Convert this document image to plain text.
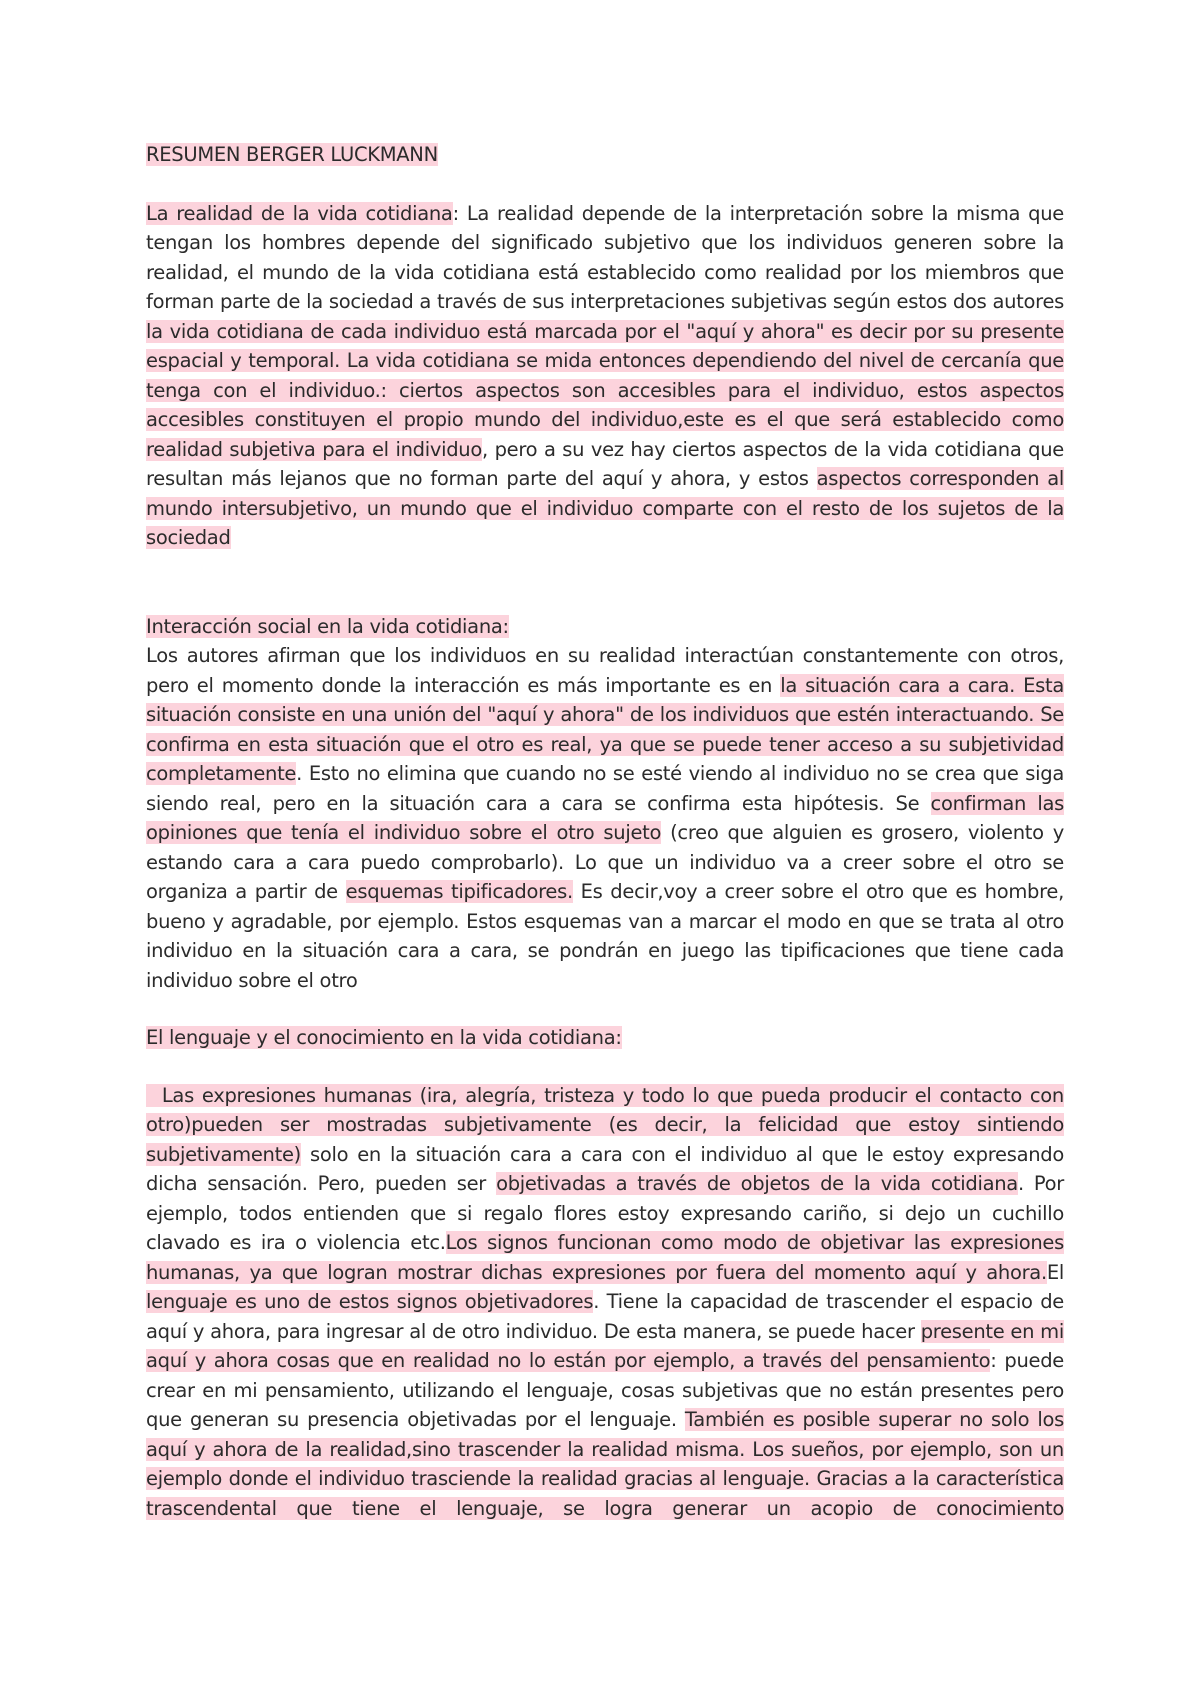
RESUMEN BERGER LUCKMANN

La realidad de la vida cotidiana: La realidad depende de la interpretación sobre la misma que tengan los hombres depende del significado subjetivo que los individuos generen sobre la realidad, el mundo de la vida cotidiana está establecido como realidad por los miembros que forman parte de la sociedad a través de sus interpretaciones subjetivas según estos dos autores la vida cotidiana de cada individuo está marcada por el "aquí y ahora" es decir por su presente espacial y temporal. La vida cotidiana se mida entonces dependiendo del nivel de cercanía que tenga con el individuo.: ciertos aspectos son accesibles para el individuo, estos aspectos accesibles constituyen el propio mundo del individuo,este es el que será establecido como realidad subjetiva para el individuo, pero a su vez hay ciertos aspectos de la vida cotidiana que resultan más lejanos que no forman parte del aquí y ahora, y estos aspectos corresponden al mundo intersubjetivo, un mundo que el individuo comparte con el resto de los sujetos de la sociedad

Interacción social en la vida cotidiana:

Los autores afirman que los individuos en su realidad interactúan constantemente con otros, pero el momento donde la interacción es más importante es en la situación cara a cara. Esta situación consiste en una unión del "aquí y ahora" de los individuos que estén interactuando. Se confirma en esta situación que el otro es real, ya que se puede tener acceso a su subjetividad completamente. Esto no elimina que cuando no se esté viendo al individuo no se crea que siga siendo real, pero en la situación cara a cara se confirma esta hipótesis. Se confirman las opiniones que tenía el individuo sobre el otro sujeto (creo que alguien es grosero, violento y estando cara a cara puedo comprobarlo). Lo que un individuo va a creer sobre el otro se organiza a partir de esquemas tipificadores. Es decir,voy a creer sobre el otro que es hombre, bueno y agradable, por ejemplo. Estos esquemas van a marcar el modo en que se trata al otro individuo en la situación cara a cara, se pondrán en juego las tipificaciones que tiene cada individuo sobre el otro

El lenguaje y el conocimiento en la vida cotidiana:

Las expresiones humanas (ira, alegría, tristeza y todo lo que pueda producir el contacto con otro)pueden ser mostradas subjetivamente (es decir, la felicidad que estoy sintiendo subjetivamente) solo en la situación cara a cara con el individuo al que le estoy expresando dicha sensación. Pero, pueden ser objetivadas a través de objetos de la vida cotidiana. Por ejemplo, todos entienden que si regalo flores estoy expresando cariño, si dejo un cuchillo clavado es ira o violencia etc.Los signos funcionan como modo de objetivar las expresiones humanas, ya que logran mostrar dichas expresiones por fuera del momento aquí y ahora.El lenguaje es uno de estos signos objetivadores. Tiene la capacidad de trascender el espacio de aquí y ahora, para ingresar al de otro individuo. De esta manera, se puede hacer presente en mi aquí y ahora cosas que en realidad no lo están por ejemplo, a través del pensamiento: puede crear en mi pensamiento, utilizando el lenguaje, cosas subjetivas que no están presentes pero que generan su presencia objetivadas por el lenguaje. También es posible superar no solo los aquí y ahora de la realidad,sino trascender la realidad misma. Los sueños, por ejemplo, son un ejemplo donde el individuo trasciende la realidad gracias al lenguaje. Gracias a la característica trascendental que tiene el lenguaje, se logra generar un acopio de conocimiento
